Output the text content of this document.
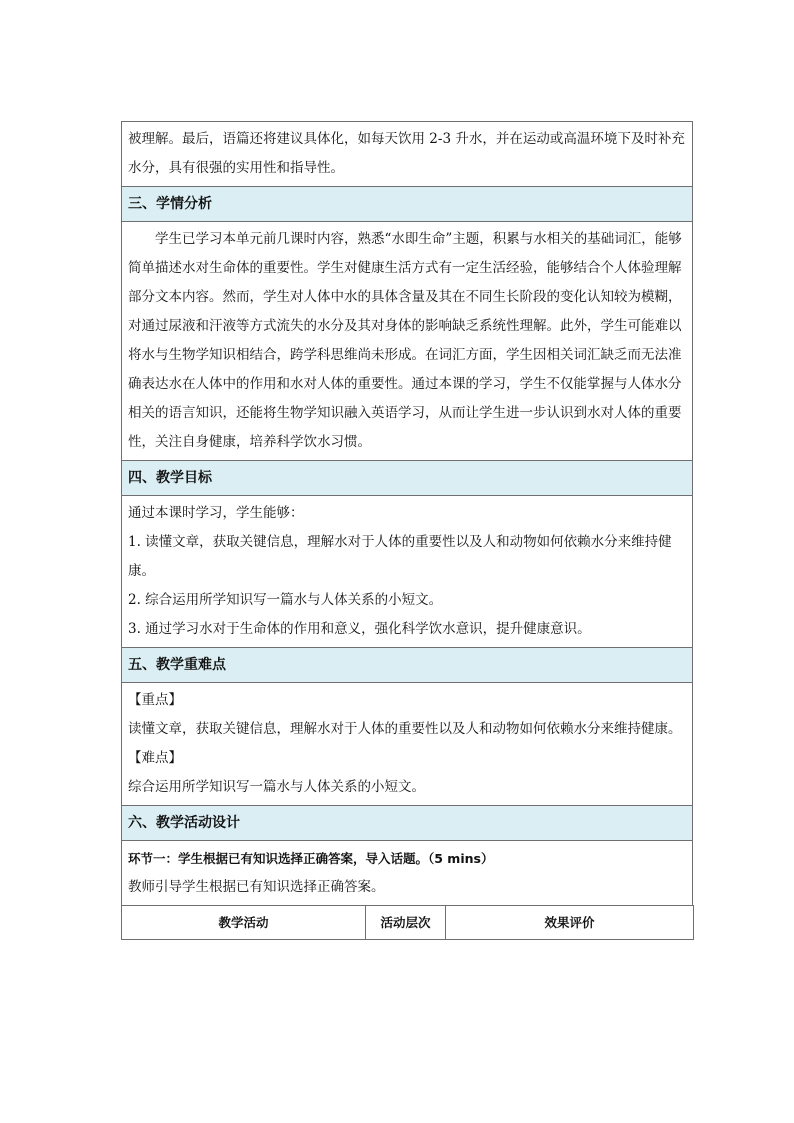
被理解。最后，语篇还将建议具体化，如每天饮用 2-3 升水，并在运动或高温环境下及时补充水分，具有很强的实用性和指导性。

三、学情分析

学生已学习本单元前几课时内容，熟悉“水即生命”主题，积累与水相关的基础词汇，能够简单描述水对生命体的重要性。学生对健康生活方式有一定生活经验，能够结合个人体验理解部分文本内容。然而，学生对人体中水的具体含量及其在不同生长阶段的变化认知较为模糊，对通过尿液和汗液等方式流失的水分及其对身体的影响缺乏系统性理解。此外，学生可能难以将水与生物学知识相结合，跨学科思维尚未形成。在词汇方面，学生因相关词汇缺乏而无法准确表达水在人体中的作用和水对人体的重要性。通过本课的学习，学生不仅能掌握与人体水分相关的语言知识，还能将生物学知识融入英语学习，从而让学生进一步认识到水对人体的重要性，关注自身健康，培养科学饮水习惯。

四、教学目标

通过本课时学习，学生能够：

1. 读懂文章，获取关键信息，理解水对于人体的重要性以及人和动物如何依赖水分来维持健康。

2. 综合运用所学知识写一篇水与人体关系的小短文。

3. 通过学习水对于生命体的作用和意义，强化科学饮水意识，提升健康意识。

五、教学重难点

【重点】

读懂文章，获取关键信息，理解水对于人体的重要性以及人和动物如何依赖水分来维持健康。

【难点】

综合运用所学知识写一篇水与人体关系的小短文。

六、教学活动设计

环节一：学生根据已有知识选择正确答案，导入话题。（5 mins）

教师引导学生根据已有知识选择正确答案。

教学活动	活动层次	效果评价
